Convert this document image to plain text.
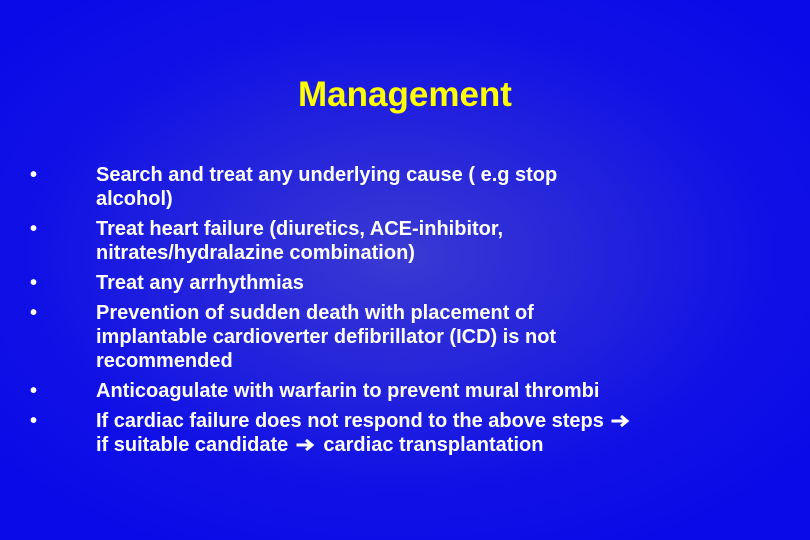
Management
•	Search and treat any underlying cause ( e.g stop
alcohol)
•	Treat heart failure (diuretics, ACE-inhibitor,
nitrates/hydralazine combination)
•	Treat any arrhythmias
•	Prevention of sudden death with placement of
implantable cardioverter defibrillator (ICD) is not
recommended
•	Anticoagulate with warfarin to prevent mural thrombi
•	If cardiac failure does not respond to the above steps
if suitable candidate cardiac transplantation
